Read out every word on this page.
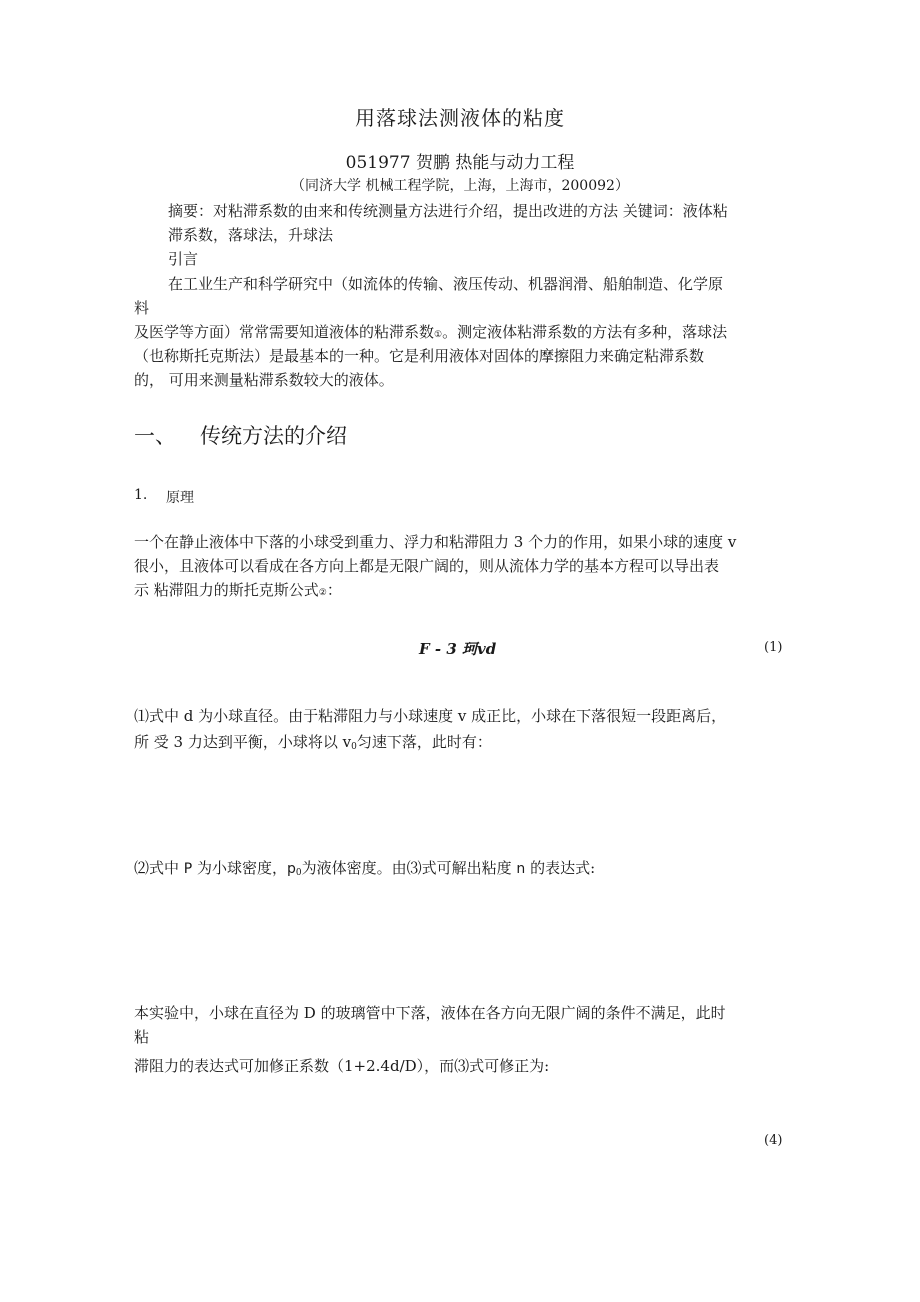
用落球法测液体的粘度
051977 贺鹏 热能与动力工程
（同济大学 机械工程学院，上海，上海市，200092）
摘要：对粘滞系数的由来和传统测量方法进行介绍，提出改进的方法 关键词：液体粘
滞系数，落球法，升球法
引言
在工业生产和科学研究中（如流体的传输、液压传动、机器润滑、船舶制造、化学原
料
及医学等方面）常常需要知道液体的粘滞系数①。测定液体粘滞系数的方法有多种，落球法
（也称斯托克斯法）是最基本的一种。它是利用液体对固体的摩擦阻力来确定粘滞系数
的， 可用来测量粘滞系数较大的液体。
一、 传统方法的介绍
1. 原理
一个在静止液体中下落的小球受到重力、浮力和粘滞阻力 3 个力的作用，如果小球的速度 v
很小，且液体可以看成在各方向上都是无限广阔的，则从流体力学的基本方程可以导出表
示 粘滞阻力的斯托克斯公式②：
F - 3 珂vd	(1)
⑴式中 d 为小球直径。由于粘滞阻力与小球速度 v 成正比，小球在下落很短一段距离后，
所 受 3 力达到平衡，小球将以 $v_0$匀速下落，此时有：
⑵式中 P 为小球密度，$p_0$为液体密度。由⑶式可解出粘度 n 的表达式:
本实验中，小球在直径为 D 的玻璃管中下落，液体在各方向无限广阔的条件不满足，此时
粘
滞阻力的表达式可加修正系数（1+2.4d/D），而⑶式可修正为:
(4)
